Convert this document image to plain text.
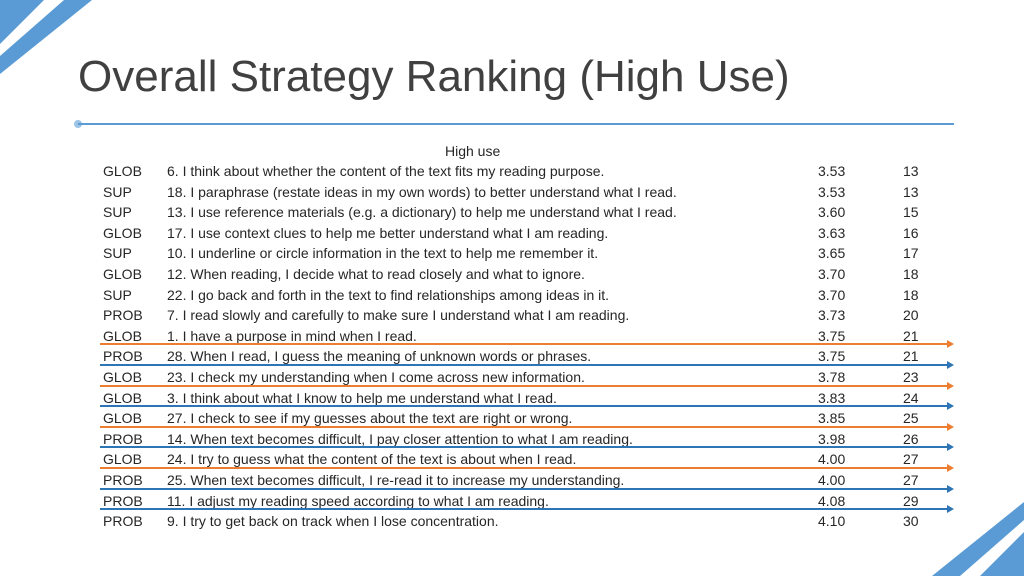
Overall Strategy Ranking (High Use)
High use
GLOB 6. I think about whether the content of the text fits my reading purpose.	3.53	13
SUP	18. I paraphrase (restate ideas in my own words) to better understand what I read.	3.53	13
SUP	13. I use reference materials (e.g. a dictionary) to help me understand what I read.	3.60	15
GLOB 17. I use context clues to help me better understand what I am reading.	3.63	16
SUP	10. I underline or circle information in the text to help me remember it.	3.65	17
GLOB 12. When reading, I decide what to read closely and what to ignore.	3.70	18
SUP	22. I go back and forth in the text to find relationships among ideas in it.	3.70	18
PROB 7. I read slowly and carefully to make sure I understand what I am reading.	3.73	20
GLOB 1. I have a purpose in mind when I read.	3.75	21
PROB 28. When I read, I guess the meaning of unknown words or phrases.	3.75	21
GLOB 23. I check my understanding when I come across new information.	3.78	23
GLOB 3. I think about what I know to help me understand what I read.	3.83	24
GLOB 27. I check to see if my guesses about the text are right or wrong.	3.85	25
PROB 14. When text becomes difficult, I pay closer attention to what I am reading.	3.98	26
GLOB 24. I try to guess what the content of the text is about when I read.	4.00	27
PROB 25. When text becomes difficult, I re-read it to increase my understanding.	4.00	27
PROB 11. I adjust my reading speed according to what I am reading.	4.08	29
PROB 9. I try to get back on track when I lose concentration.	4.10	30
